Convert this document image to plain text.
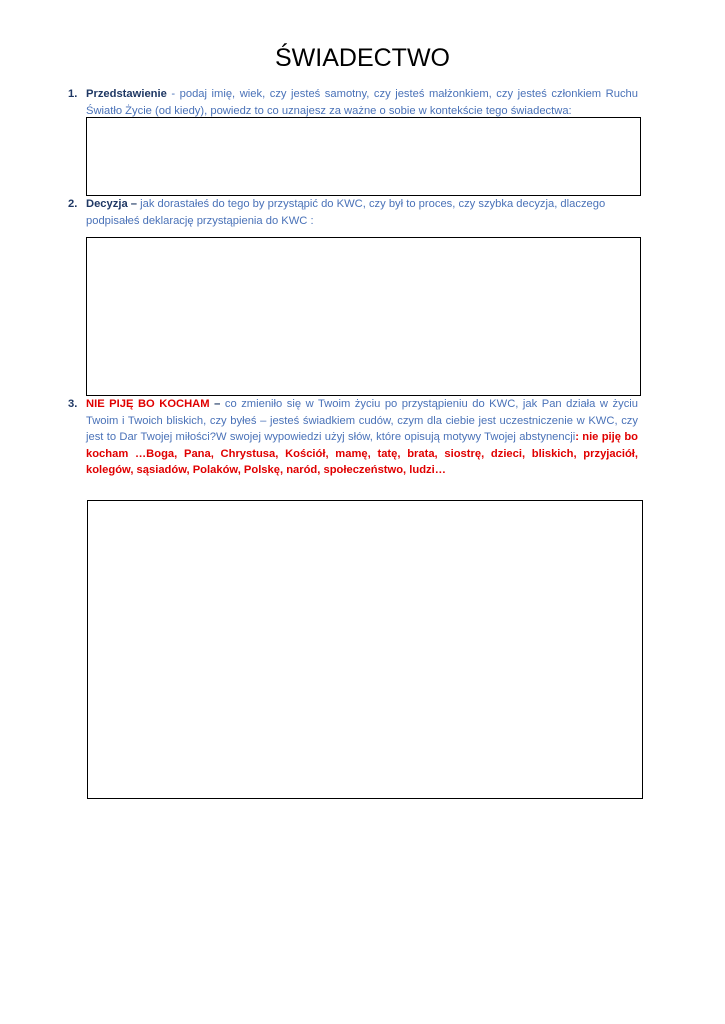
ŚWIADECTWO
1. Przedstawienie - podaj imię, wiek, czy jesteś samotny, czy jesteś małżonkiem, czy jesteś członkiem Ruchu Światło Życie (od kiedy), powiedz to co uznajesz za ważne o sobie w kontekście tego świadectwa:

2. Decyzja – jak dorastałeś do tego by przystąpić do KWC, czy był to proces, czy szybka decyzja, dlaczego podpisałeś deklarację przystąpienia do KWC :

3. NIE PIJĘ BO KOCHAM – co zmieniło się w Twoim życiu po przystąpieniu do KWC, jak Pan działa w życiu Twoim i Twoich bliskich, czy byłeś – jesteś świadkiem cudów, czym dla ciebie jest uczestniczenie w KWC, czy jest to Dar Twojej miłości?W swojej wypowiedzi użyj słów, które opisują motywy Twojej abstynencji: nie piję bo kocham …Boga, Pana, Chrystusa, Kościół, mamę, tatę, brata, siostrę, dzieci, bliskich, przyjaciół, kolegów, sąsiadów, Polaków, Polskę, naród, społeczeństwo, ludzi…
